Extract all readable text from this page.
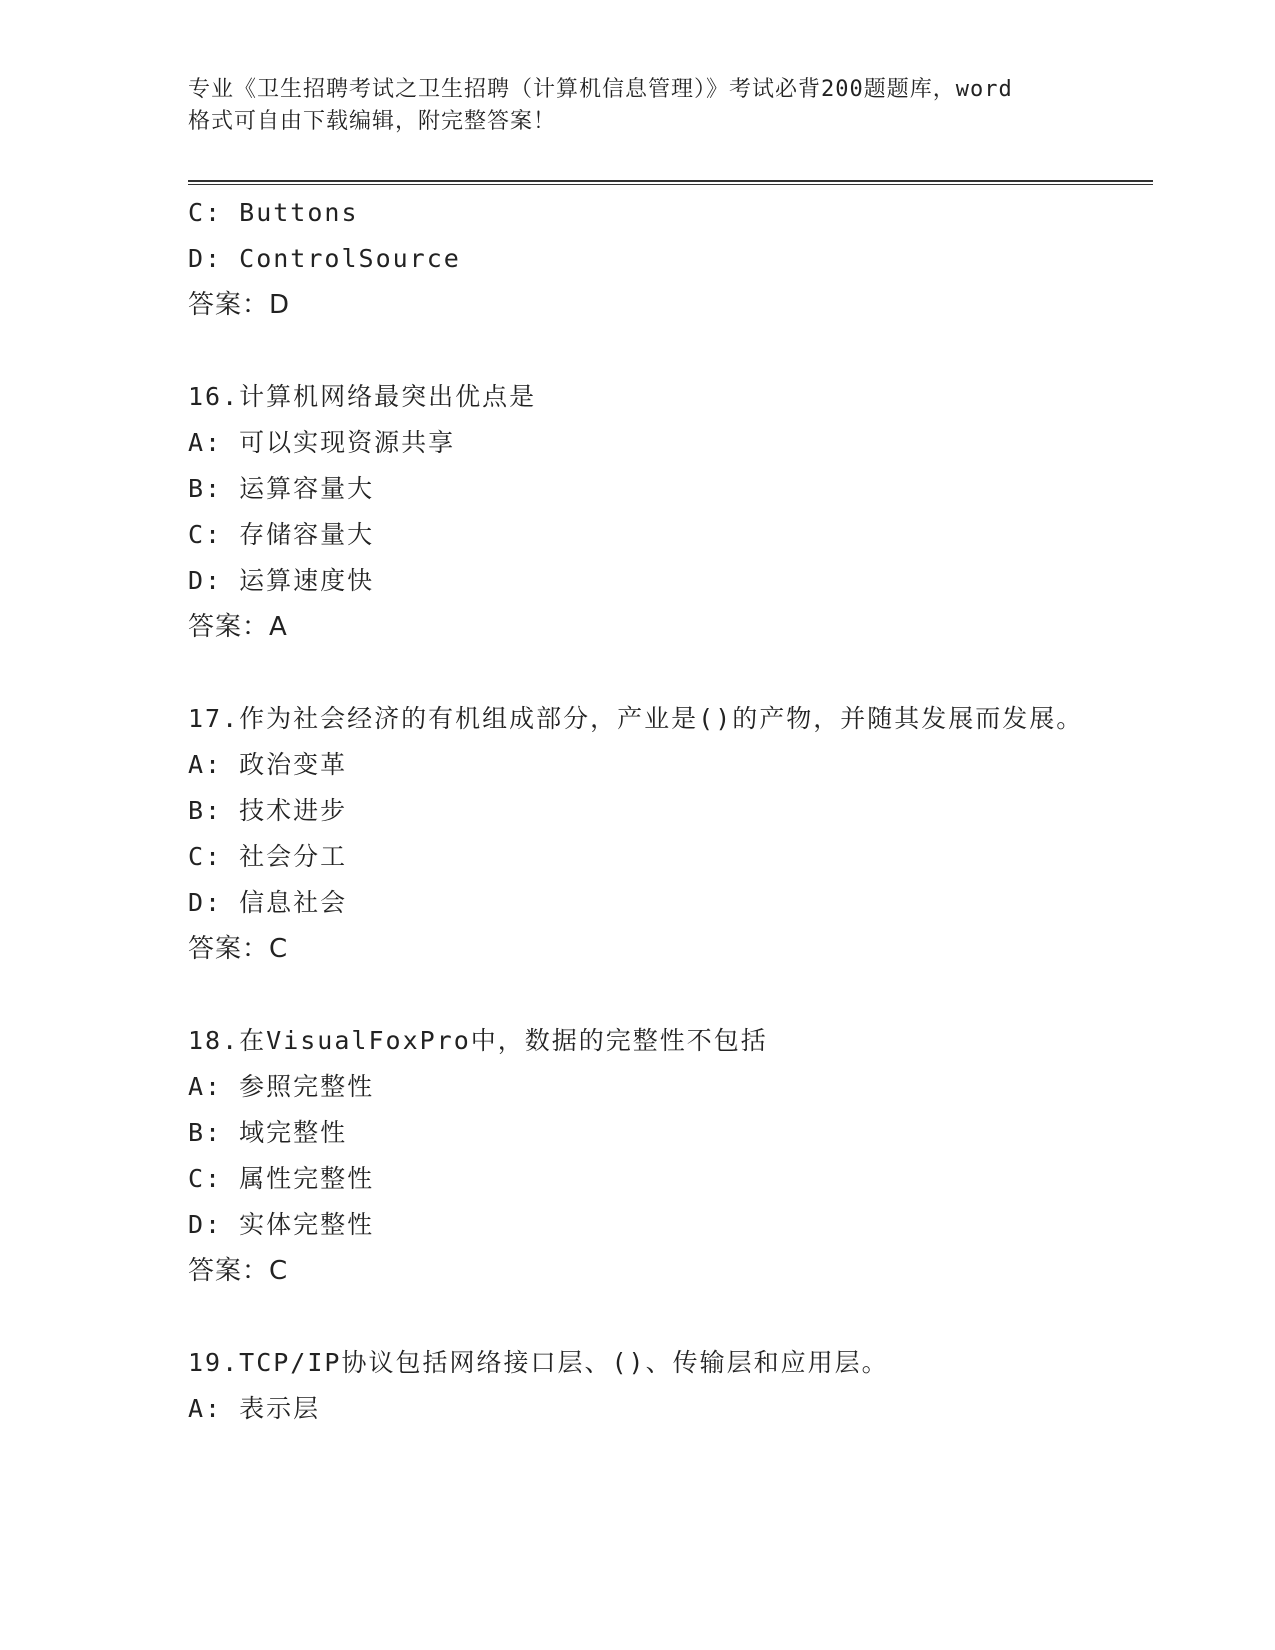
专业《卫生招聘考试之卫生招聘（计算机信息管理）》考试必背200题题库，word
格式可自由下载编辑，附完整答案！
C: Buttons
D: ControlSource
答案：D
16.计算机网络最突出优点是
A: 可以实现资源共享
B: 运算容量大
C: 存储容量大
D: 运算速度快
答案：A
17.作为社会经济的有机组成部分，产业是()的产物，并随其发展而发展。
A: 政治变革
B: 技术进步
C: 社会分工
D: 信息社会
答案：C
18.在VisualFoxPro中，数据的完整性不包括
A: 参照完整性
B: 域完整性
C: 属性完整性
D: 实体完整性
答案：C
19.TCP/IP协议包括网络接口层、()、传输层和应用层。
A: 表示层
